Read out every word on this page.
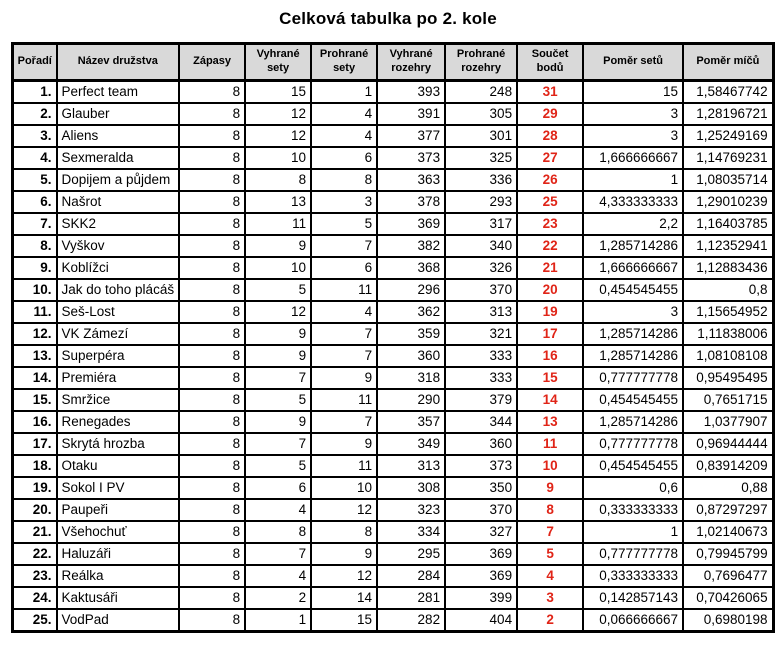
Celková tabulka po 2. kole
Pořadí	Název družstva	Zápasy	Vyhrané sety	Prohrané sety	Vyhrané rozehry	Prohrané rozehry	Součet bodů	Poměr setů	Poměr míčů
1.	Perfect team	8	15	1	393	248	31	15	1,58467742
2.	Glauber	8	12	4	391	305	29	3	1,28196721
3.	Aliens	8	12	4	377	301	28	3	1,25249169
4.	Sexmeralda	8	10	6	373	325	27	1,666666667	1,14769231
5.	Dopijem a půjdem	8	8	8	363	336	26	1	1,08035714
6.	Našrot	8	13	3	378	293	25	4,333333333	1,29010239
7.	SKK2	8	11	5	369	317	23	2,2	1,16403785
8.	Vyškov	8	9	7	382	340	22	1,285714286	1,12352941
9.	Koblížci	8	10	6	368	326	21	1,666666667	1,12883436
10.	Jak do toho plácáš	8	5	11	296	370	20	0,454545455	0,8
11.	Seš-Lost	8	12	4	362	313	19	3	1,15654952
12.	VK Zámezí	8	9	7	359	321	17	1,285714286	1,11838006
13.	Superpéra	8	9	7	360	333	16	1,285714286	1,08108108
14.	Premiéra	8	7	9	318	333	15	0,777777778	0,95495495
15.	Smržice	8	5	11	290	379	14	0,454545455	0,7651715
16.	Renegades	8	9	7	357	344	13	1,285714286	1,0377907
17.	Skrytá hrozba	8	7	9	349	360	11	0,777777778	0,96944444
18.	Otaku	8	5	11	313	373	10	0,454545455	0,83914209
19.	Sokol I PV	8	6	10	308	350	9	0,6	0,88
20.	Paupeři	8	4	12	323	370	8	0,333333333	0,87297297
21.	Všehochuť	8	8	8	334	327	7	1	1,02140673
22.	Haluzáři	8	7	9	295	369	5	0,777777778	0,79945799
23.	Reálka	8	4	12	284	369	4	0,333333333	0,7696477
24.	Kaktusáři	8	2	14	281	399	3	0,142857143	0,70426065
25.	VodPad	8	1	15	282	404	2	0,066666667	0,6980198
